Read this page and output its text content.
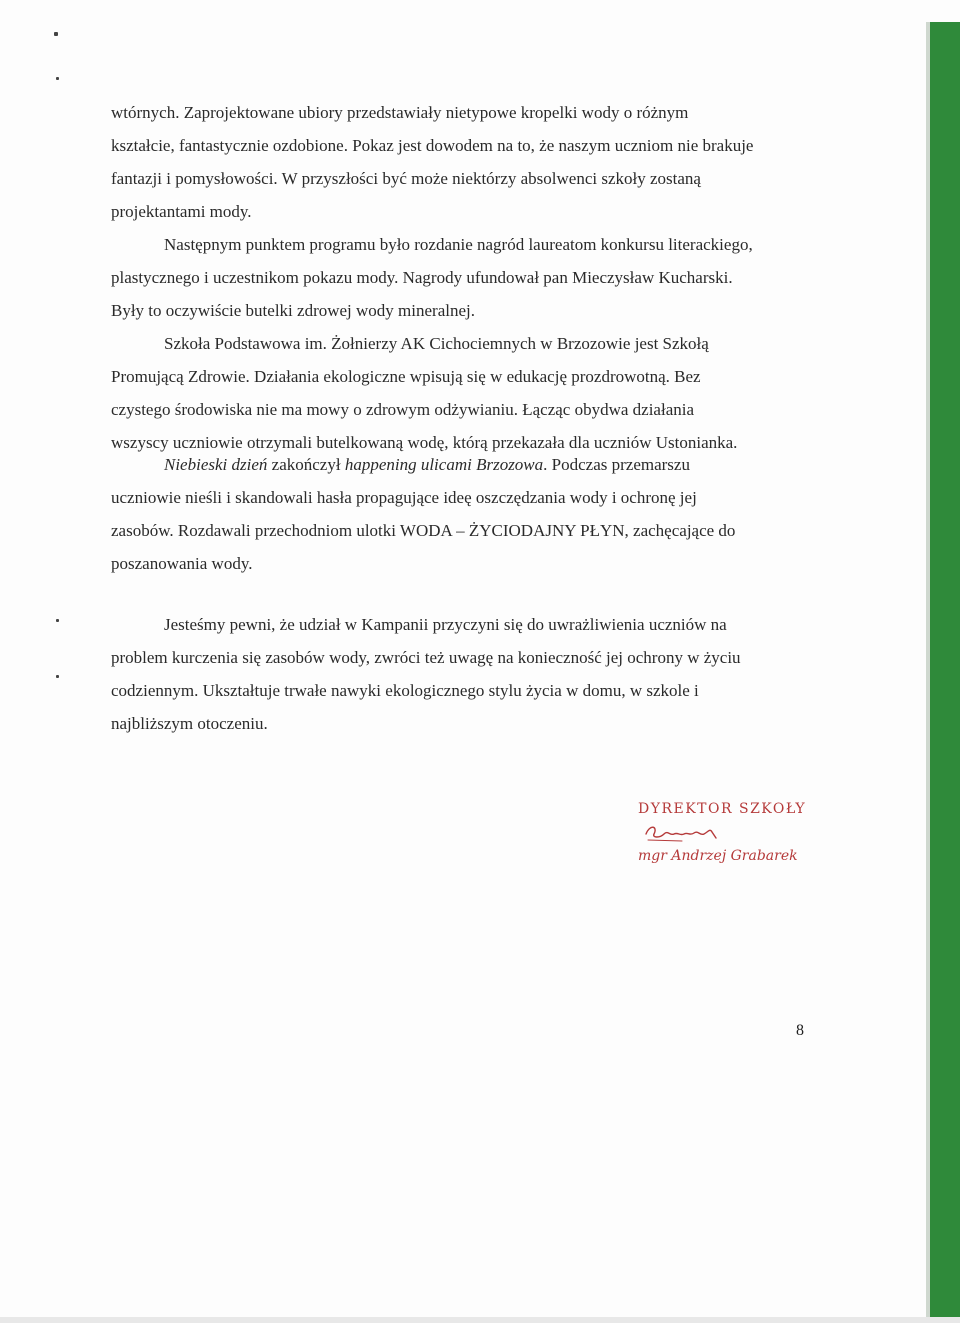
wtórnych. Zaprojektowane ubiory przedstawiały nietypowe kropelki wody o różnym

kształcie, fantastycznie ozdobione. Pokaz jest dowodem na to, że naszym uczniom nie brakuje

fantazji i pomysłowości. W przyszłości być może niektórzy absolwenci szkoły zostaną

projektantami mody.

Następnym punktem programu było rozdanie nagród laureatom konkursu literackiego,

plastycznego i uczestnikom pokazu mody. Nagrody ufundował pan Mieczysław Kucharski.

Były to oczywiście butelki zdrowej wody mineralnej.

Szkoła Podstawowa im. Żołnierzy AK Cichociemnych w Brzozowie jest Szkołą

Promującą Zdrowie. Działania ekologiczne wpisują się w edukację prozdrowotną. Bez

czystego środowiska nie ma mowy o zdrowym odżywianiu. Łącząc obydwa działania

wszyscy uczniowie otrzymali butelkowaną wodę, którą przekazała dla uczniów Ustonianka.

Niebieski dzień zakończył happening ulicami Brzozowa. Podczas przemarszu

uczniowie nieśli i skandowali hasła propagujące ideę oszczędzania wody i ochronę jej

zasobów. Rozdawali przechodniom ulotki WODA – ŻYCIODAJNY PŁYN, zachęcające do

poszanowania wody.

Jesteśmy pewni, że udział w Kampanii przyczyni się do uwrażliwienia uczniów na

problem kurczenia się zasobów wody, zwróci też uwagę na konieczność jej ochrony w życiu

codziennym. Ukształtuje trwałe nawyki ekologicznego stylu życia w domu, w szkole i

najbliższym otoczeniu.

DYREKTOR SZKOŁY
mgr Andrzej Grabarek
8
